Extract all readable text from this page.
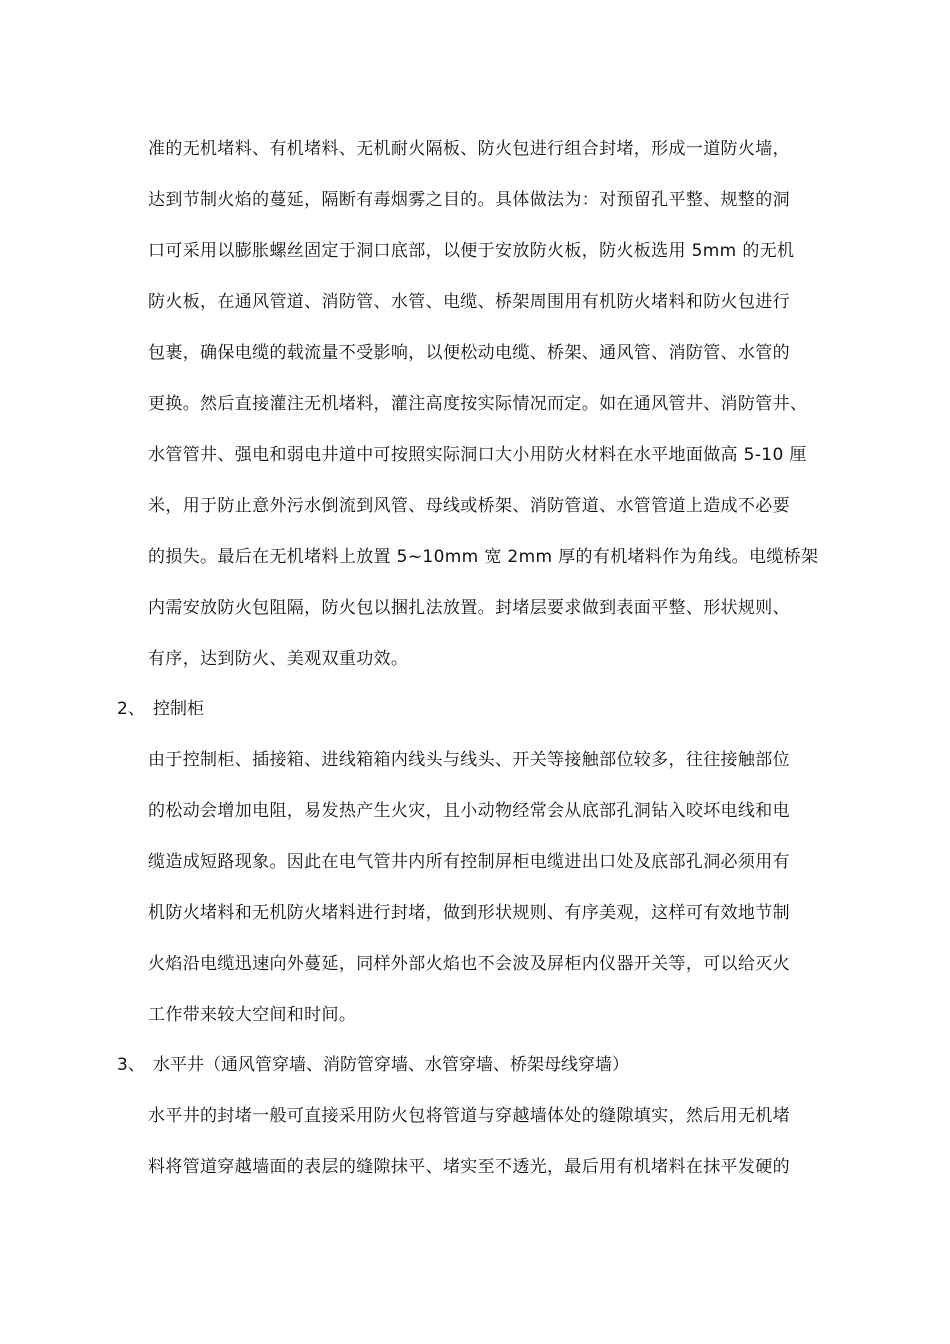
准的无机堵料、有机堵料、无机耐火隔板、防火包进行组合封堵，形成一道防火墙，
达到节制火焰的蔓延，隔断有毒烟雾之目的。具体做法为：对预留孔平整、规整的洞
口可采用以膨胀螺丝固定于洞口底部，以便于安放防火板，防火板选用 5mm 的无机
防火板，在通风管道、消防管、水管、电缆、桥架周围用有机防火堵料和防火包进行
包裹，确保电缆的载流量不受影响，以便松动电缆、桥架、通风管、消防管、水管的
更换。然后直接灌注无机堵料，灌注高度按实际情况而定。如在通风管井、消防管井、
水管管井、强电和弱电井道中可按照实际洞口大小用防火材料在水平地面做高 5-10 厘
米，用于防止意外污水倒流到风管、母线或桥架、消防管道、水管管道上造成不必要
的损失。最后在无机堵料上放置 5~10mm 宽 2mm 厚的有机堵料作为角线。电缆桥架
内需安放防火包阻隔，防火包以捆扎法放置。封堵层要求做到表面平整、形状规则、
有序，达到防火、美观双重功效。
2、 控制柜
由于控制柜、插接箱、进线箱箱内线头与线头、开关等接触部位较多，往往接触部位
的松动会增加电阻，易发热产生火灾，且小动物经常会从底部孔洞钻入咬坏电线和电
缆造成短路现象。因此在电气管井内所有控制屏柜电缆进出口处及底部孔洞必须用有
机防火堵料和无机防火堵料进行封堵，做到形状规则、有序美观，这样可有效地节制
火焰沿电缆迅速向外蔓延，同样外部火焰也不会波及屏柜内仪器开关等，可以给灭火
工作带来较大空间和时间。
3、 水平井（通风管穿墙、消防管穿墙、水管穿墙、桥架母线穿墙）
水平井的封堵一般可直接采用防火包将管道与穿越墙体处的缝隙填实，然后用无机堵
料将管道穿越墙面的表层的缝隙抹平、堵实至不透光，最后用有机堵料在抹平发硬的
